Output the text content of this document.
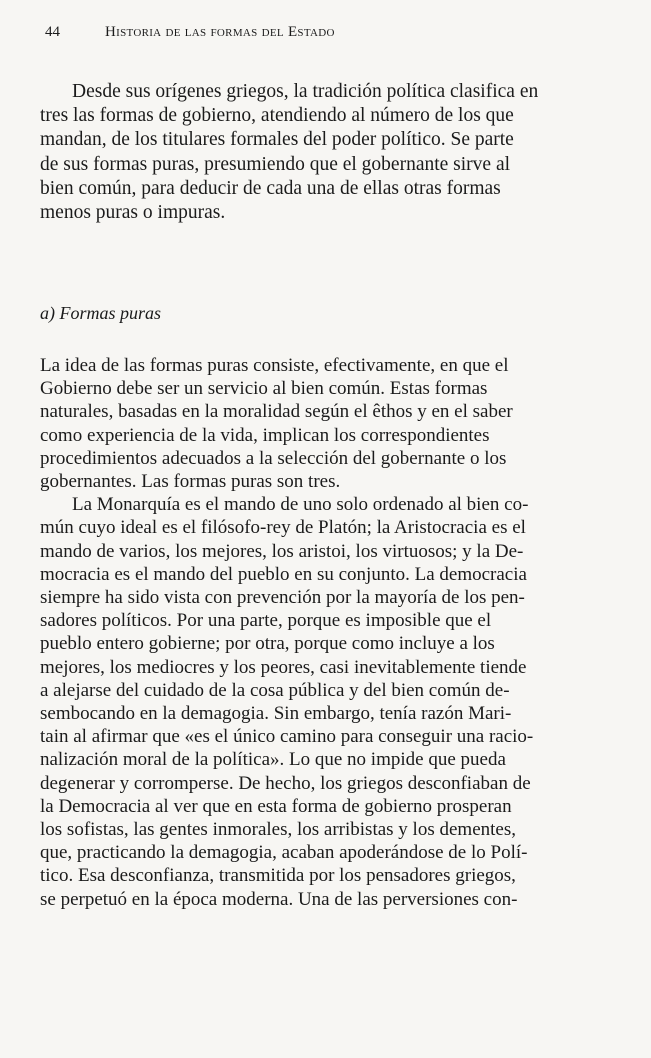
44	Historia de las formas del Estado
Desde sus orígenes griegos, la tradición política clasifica en
tres las formas de gobierno, atendiendo al número de los que
mandan, de los titulares formales del poder político. Se parte
de sus formas puras, presumiendo que el gobernante sirve al
bien común, para deducir de cada una de ellas otras formas
menos puras o impuras.
a) Formas puras
La idea de las formas puras consiste, efectivamente, en que el
Gobierno debe ser un servicio al bien común. Estas formas
naturales, basadas en la moralidad según el êthos y en el saber
como experiencia de la vida, implican los correspondientes
procedimientos adecuados a la selección del gobernante o los
gobernantes. Las formas puras son tres.
La Monarquía es el mando de uno solo ordenado al bien co-
mún cuyo ideal es el filósofo-rey de Platón; la Aristocracia es el
mando de varios, los mejores, los aristoi, los virtuosos; y la De-
mocracia es el mando del pueblo en su conjunto. La democracia
siempre ha sido vista con prevención por la mayoría de los pen-
sadores políticos. Por una parte, porque es imposible que el
pueblo entero gobierne; por otra, porque como incluye a los
mejores, los mediocres y los peores, casi inevitablemente tiende
a alejarse del cuidado de la cosa pública y del bien común de-
sembocando en la demagogia. Sin embargo, tenía razón Mari-
tain al afirmar que «es el único camino para conseguir una racio-
nalización moral de la política». Lo que no impide que pueda
degenerar y corromperse. De hecho, los griegos desconfiaban de
la Democracia al ver que en esta forma de gobierno prosperan
los sofistas, las gentes inmorales, los arribistas y los dementes,
que, practicando la demagogia, acaban apoderándose de lo Polí-
tico. Esa desconfianza, transmitida por los pensadores griegos,
se perpetuó en la época moderna. Una de las perversiones con-
